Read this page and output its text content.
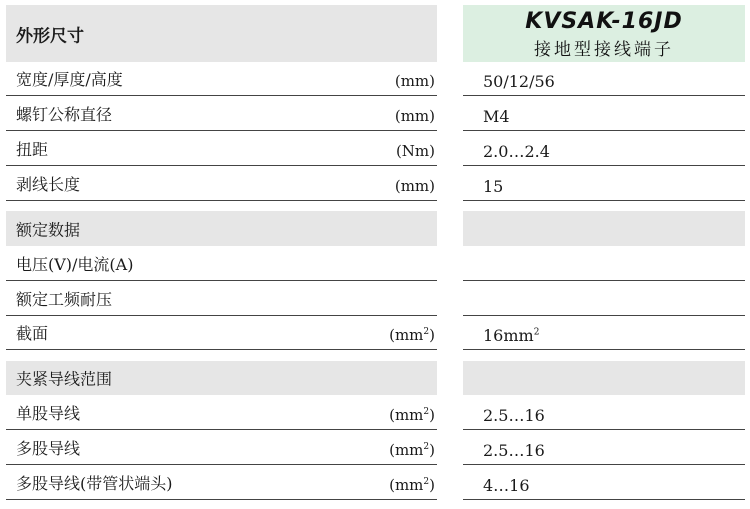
外形尺寸
KVSAK-16JD
接地型接线端子
宽度/厚度/高度	(mm)	50/12/56
螺钉公称直径	(mm)	M4
扭距	(Nm)	2.0…2.4
剥线长度	(mm)	15
额定数据
电压(V)/电流(A)
额定工频耐压
截面	$(mm^2)$	$16mm^2$
夹紧导线范围
单股导线	$(mm^2)$	2.5…16
多股导线	$(mm^2)$	2.5…16
多股导线(带管状端头)	$(mm^2)$	4…16
